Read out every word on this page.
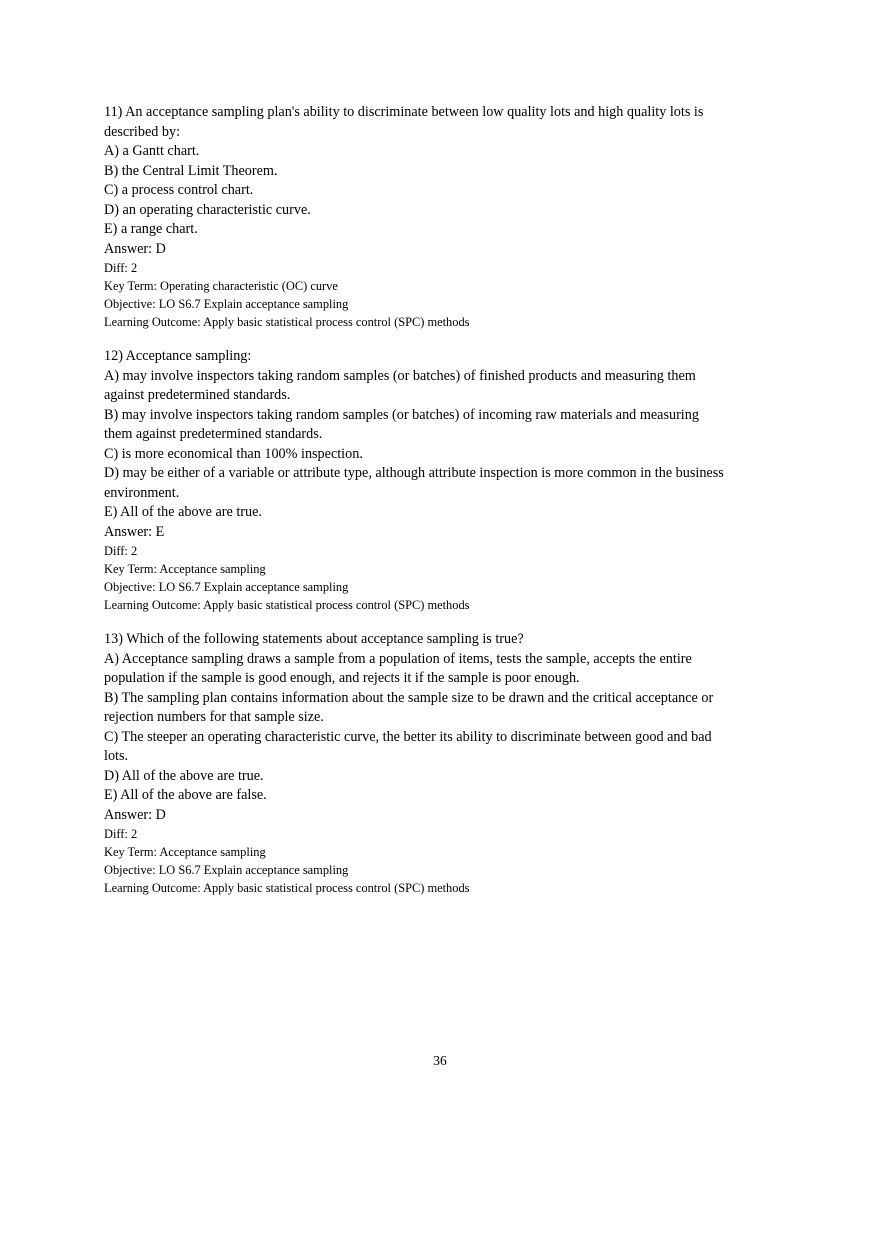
11) An acceptance sampling plan's ability to discriminate between low quality lots and high quality lots is described by:

A) a Gantt chart.

B) the Central Limit Theorem.

C) a process control chart.

D) an operating characteristic curve.

E) a range chart.

Answer: D

Diff: 2

Key Term: Operating characteristic (OC) curve

Objective: LO S6.7 Explain acceptance sampling

Learning Outcome: Apply basic statistical process control (SPC) methods

12) Acceptance sampling:

A) may involve inspectors taking random samples (or batches) of finished products and measuring them against predetermined standards.

B) may involve inspectors taking random samples (or batches) of incoming raw materials and measuring them against predetermined standards.

C) is more economical than 100% inspection.

D) may be either of a variable or attribute type, although attribute inspection is more common in the business environment.

E) All of the above are true.

Answer: E

Diff: 2

Key Term: Acceptance sampling

Objective: LO S6.7 Explain acceptance sampling

Learning Outcome: Apply basic statistical process control (SPC) methods

13) Which of the following statements about acceptance sampling is true?

A) Acceptance sampling draws a sample from a population of items, tests the sample, accepts the entire population if the sample is good enough, and rejects it if the sample is poor enough.

B) The sampling plan contains information about the sample size to be drawn and the critical acceptance or rejection numbers for that sample size.

C) The steeper an operating characteristic curve, the better its ability to discriminate between good and bad lots.

D) All of the above are true.

E) All of the above are false.

Answer: D

Diff: 2

Key Term: Acceptance sampling

Objective: LO S6.7 Explain acceptance sampling

Learning Outcome: Apply basic statistical process control (SPC) methods

36
